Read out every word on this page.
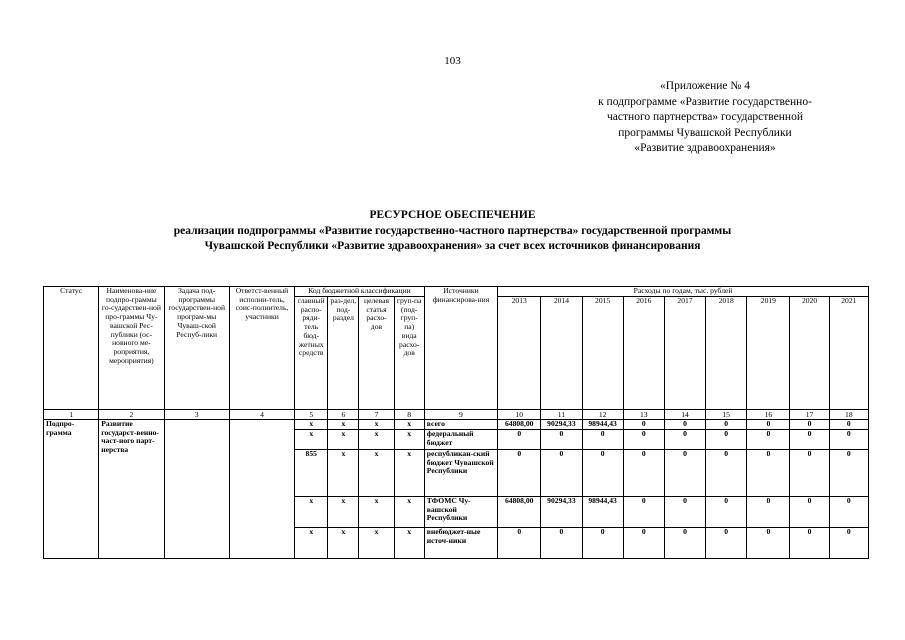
103
«Приложение № 4
к подпрограмме «Развитие государственно-
частного партнерства» государственной
программы Чувашской Республики
«Развитие здравоохранения»
РЕСУРСНОЕ ОБЕСПЕЧЕНИЕ
реализации подпрограммы «Развитие государственно-частного партнерства» государственной программы
Чувашской Республики «Развитие здравоохранения» за счет всех источников финансирования
Статус	Наименова-ние подпро-граммы го-сударствен-ной про-граммы Чу-вашской Рес-публики (ос-новного ме-роприятия, мероприятия)	Задача под-программы государствен-ной програм-мы Чуваш-ской Респуб-лики	Ответст-венный исполни-тель, соис-полнитель, участники	Код бюджетной классификации				Источники финансирова-ния	Расходы по годам, тыс. рублей								
				главный распо-ряди-тель бюд-жетных средств	раз-дел, под-раздел	целевая статья расхо-дов	груп-па (под-груп-па) вида расхо-дов		2013	2014	2015	2016	2017	2018	2019	2020	2021
1	2	3	4	5	6	7	8	9	10	11	12	13	14	15	16	17	18
Подпро-грамма	Развитие государст-венно-част-ного парт-нерства			х	х	х	х	всего	64808,00	90294,33	98944,43	0	0	0	0	0	0
				х	х	х	х	федеральный бюджет	0	0	0	0	0	0	0	0	0
				855	х	х	х	республикан-ский бюджет Чувашской Республики	0	0	0	0	0	0	0	0	0
				х	х	х	х	ТФОМС Чу-вашской Республики	64808,00	90294,33	98944,43	0	0	0	0	0	0
				х	х	х	х	внебюджет-ные источ-ники	0	0	0	0	0	0	0	0	0
